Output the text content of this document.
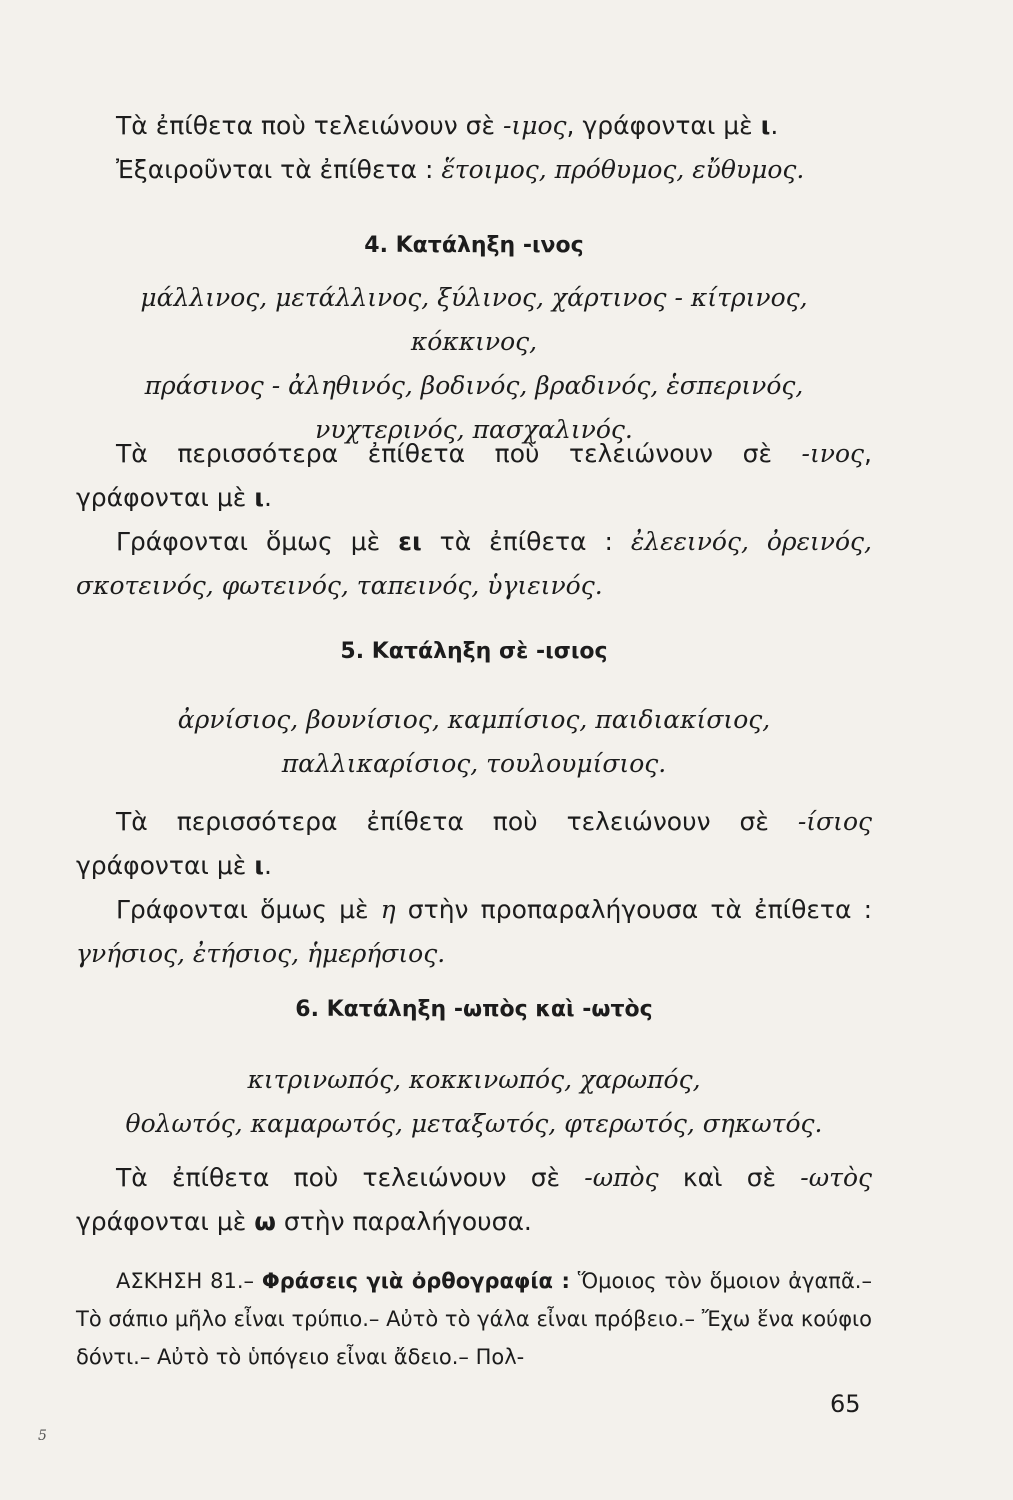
Τὰ ἐπίθετα ποὺ τελειώνουν σὲ -ιμος, γράφονται μὲ ι.

Ἐξαιροῦνται τὰ ἐπίθετα : ἕτοιμος, πρόθυμος, εὔθυμος.

4. Κατάληξη -ινος

μάλλινος, μετάλλινος, ξύλινος, χάρτινος - κίτρινος, κόκκινος,

πράσινος - ἀληθινός, βοδινός, βραδινός, ἑσπερινός,

νυχτερινός, πασχαλινός.

Τὰ περισσότερα ἐπίθετα ποὺ τελειώνουν σὲ -ινος, γράφονται μὲ ι.

Γράφονται ὅμως μὲ ει τὰ ἐπίθετα : ἐλεεινός, ὀρεινός, σκοτεινός, φωτεινός, ταπεινός, ὑγιεινός.

5. Κατάληξη σὲ -ισιος

ἀρνίσιος, βουνίσιος, καμπίσιος, παιδιακίσιος,

παλλικαρίσιος, τουλουμίσιος.

Τὰ περισσότερα ἐπίθετα ποὺ τελειώνουν σὲ -ίσιος γράφονται μὲ ι.

Γράφονται ὅμως μὲ η στὴν προπαραλήγουσα τὰ ἐπίθετα : γνήσιος, ἐτήσιος, ἡμερήσιος.

6. Κατάληξη -ωπὸς καὶ -ωτὸς

κιτρινωπός, κοκκινωπός, χαρωπός,

θολωτός, καμαρωτός, μεταξωτός, φτερωτός, σηκωτός.

Τὰ ἐπίθετα ποὺ τελειώνουν σὲ -ωπὸς καὶ σὲ -ωτὸς γράφονται μὲ ω στὴν παραλήγουσα.

ΑΣΚΗΣΗ 81.– Φράσεις γιὰ ὀρθογραφία : Ὅμοιος τὸν ὅμοιον ἀγαπᾶ.– Τὸ σάπιο μῆλο εἶναι τρύπιο.– Αὐτὸ τὸ γάλα εἶναι πρόβειο.– Ἔχω ἕνα κούφιο δόντι.– Αὐτὸ τὸ ὑπόγειο εἶναι ἄδειο.– Πολ-

65
5
